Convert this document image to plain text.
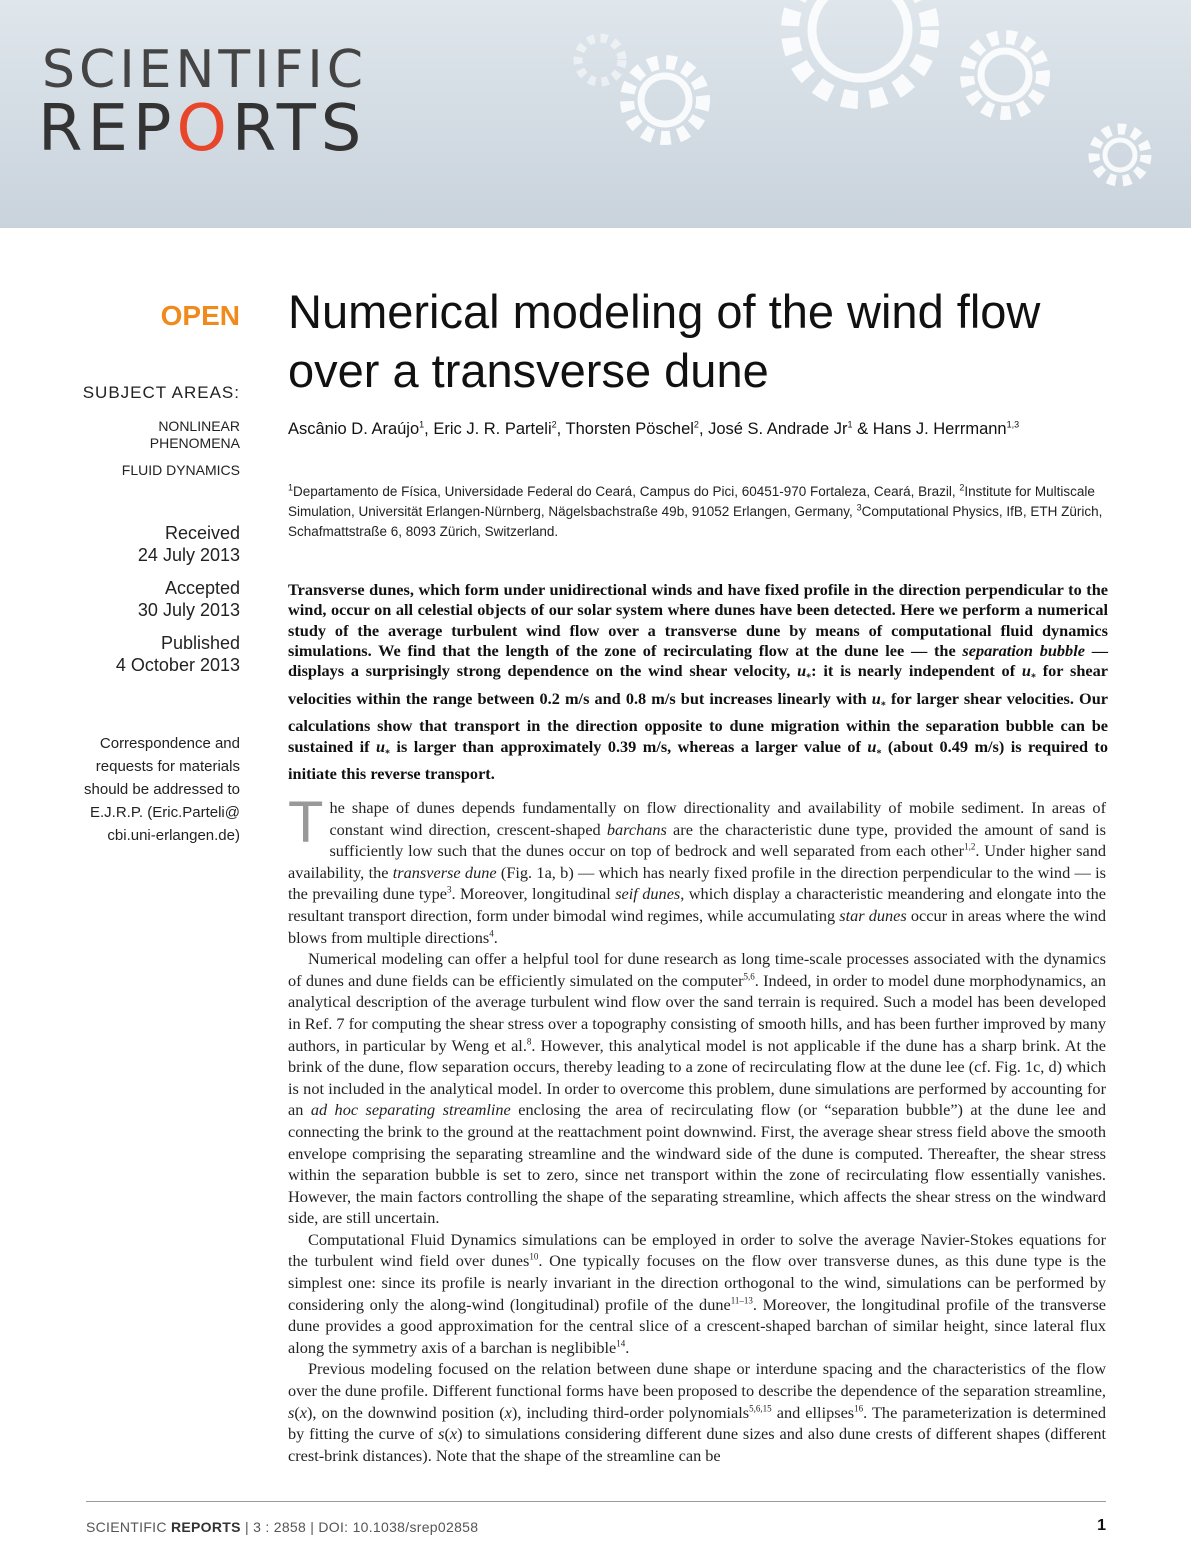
SCIENTIFIC
REPORTS
OPEN
SUBJECT AREAS:
NONLINEAR PHENOMENA
FLUID DYNAMICS
Received
24 July 2013
Accepted
30 July 2013
Published
4 October 2013
Correspondence and
requests for materials
should be addressed to
E.J.R.P. (Eric.Parteli@
cbi.uni-erlangen.de)
Numerical modeling of the wind flow
over a transverse dune
Ascânio D. Araújo$^1$, Eric J. R. Parteli$^2$, Thorsten Pöschel$^2$, José S. Andrade Jr$^1$ & Hans J. Herrmann$^{1,3}$
$^1$Departamento de Física, Universidade Federal do Ceará, Campus do Pici, 60451-970 Fortaleza, Ceará, Brazil, $^2$Institute for Multiscale Simulation, Universität Erlangen-Nürnberg, Nägelsbachstraße 49b, 91052 Erlangen, Germany, $^3$Computational Physics, IfB, ETH Zürich, Schafmattstraße 6, 8093 Zürich, Switzerland.
Transverse dunes, which form under unidirectional winds and have fixed profile in the direction perpendicular to the wind, occur on all celestial objects of our solar system where dunes have been detected. Here we perform a numerical study of the average turbulent wind flow over a transverse dune by means of computational fluid dynamics simulations. We find that the length of the zone of recirculating flow at the dune lee — the separation bubble — displays a surprisingly strong dependence on the wind shear velocity, $u_*$: it is nearly independent of $u_*$ for shear velocities within the range between 0.2 m/s and 0.8 m/s but increases linearly with $u_*$ for larger shear velocities. Our calculations show that transport in the direction opposite to dune migration within the separation bubble can be sustained if $u_*$ is larger than approximately 0.39 m/s, whereas a larger value of $u_*$ (about 0.49 m/s) is required to initiate this reverse transport.

The shape of dunes depends fundamentally on flow directionality and availability of mobile sediment. In areas of constant wind direction, crescent-shaped barchans are the characteristic dune type, provided the amount of sand is sufficiently low such that the dunes occur on top of bedrock and well separated from each other$^{1,2}$. Under higher sand availability, the transverse dune (Fig. 1a, b) — which has nearly fixed profile in the direction perpendicular to the wind — is the prevailing dune type$^3$. Moreover, longitudinal seif dunes, which display a characteristic meandering and elongate into the resultant transport direction, form under bimodal wind regimes, while accumulating star dunes occur in areas where the wind blows from multiple directions$^4$.

Numerical modeling can offer a helpful tool for dune research as long time-scale processes associated with the dynamics of dunes and dune fields can be efficiently simulated on the computer$^{5,6}$. Indeed, in order to model dune morphodynamics, an analytical description of the average turbulent wind flow over the sand terrain is required. Such a model has been developed in Ref. 7 for computing the shear stress over a topography consisting of smooth hills, and has been further improved by many authors, in particular by Weng et al.$^8$. However, this analytical model is not applicable if the dune has a sharp brink. At the brink of the dune, flow separation occurs, thereby leading to a zone of recirculating flow at the dune lee (cf. Fig. 1c, d) which is not included in the analytical model. In order to overcome this problem, dune simulations are performed by accounting for an ad hoc separating streamline enclosing the area of recirculating flow (or “separation bubble”) at the dune lee and connecting the brink to the ground at the reattachment point downwind. First, the average shear stress field above the smooth envelope comprising the separating streamline and the windward side of the dune is computed. Thereafter, the shear stress within the separation bubble is set to zero, since net transport within the zone of recirculating flow essentially vanishes. However, the main factors controlling the shape of the separating streamline, which affects the shear stress on the windward side, are still uncertain.

Computational Fluid Dynamics simulations can be employed in order to solve the average Navier-Stokes equations for the turbulent wind field over dunes$^{10}$. One typically focuses on the flow over transverse dunes, as this dune type is the simplest one: since its profile is nearly invariant in the direction orthogonal to the wind, simulations can be performed by considering only the along-wind (longitudinal) profile of the dune$^{11-13}$. Moreover, the longitudinal profile of the transverse dune provides a good approximation for the central slice of a crescent-shaped barchan of similar height, since lateral flux along the symmetry axis of a barchan is neglibible$^{14}$.

Previous modeling focused on the relation between dune shape or interdune spacing and the characteristics of the flow over the dune profile. Different functional forms have been proposed to describe the dependence of the separation streamline, s(x), on the downwind position (x), including third-order polynomials$^{5,6,15}$ and ellipses$^{16}$. The parameterization is determined by fitting the curve of s(x) to simulations considering different dune sizes and also dune crests of different shapes (different crest-brink distances). Note that the shape of the streamline can be

SCIENTIFIC REPORTS | 3 : 2858 | DOI: 10.1038/srep02858	1
